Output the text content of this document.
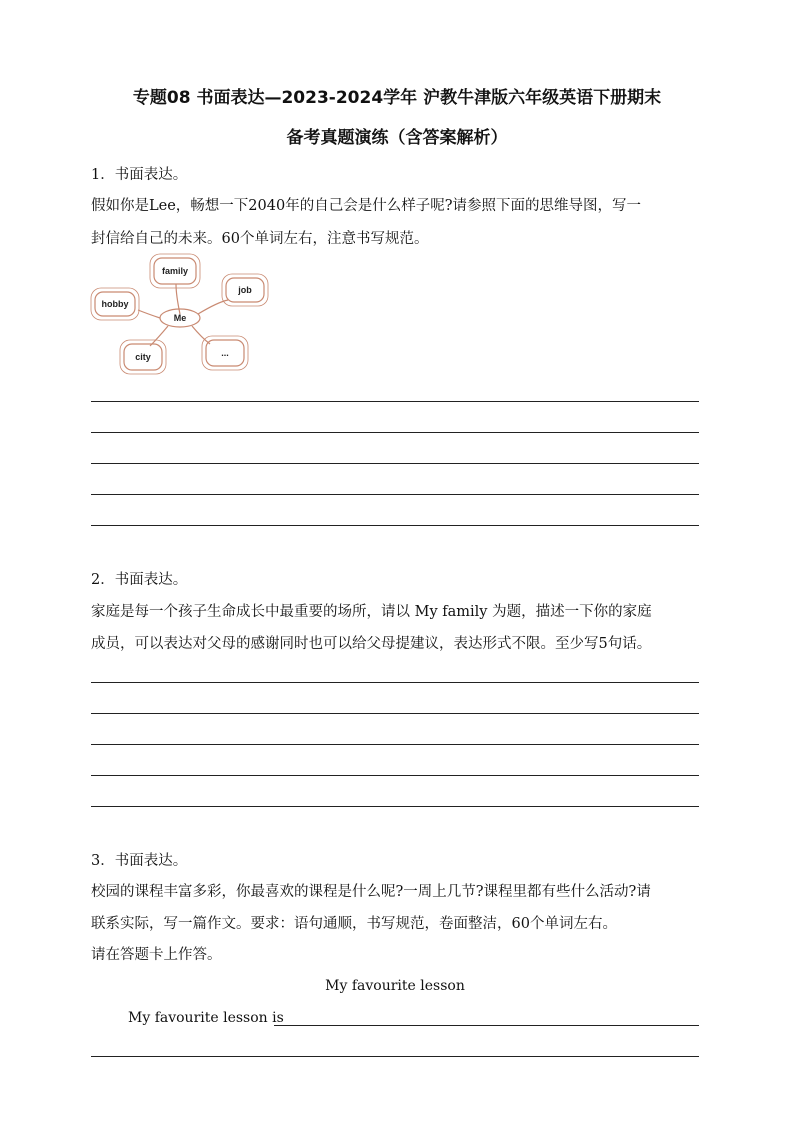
专题08 书面表达—2023-2024学年 沪教牛津版六年级英语下册期末
备考真题演练（含答案解析）
1．书面表达。
假如你是Lee，畅想一下2040年的自己会是什么样子呢?请参照下面的思维导图，写一
封信给自己的未来。60个单词左右，注意书写规范。
Me
family
job
hobby
city	...
2．书面表达。
家庭是每一个孩子生命成长中最重要的场所，请以 My family 为题，描述一下你的家庭
成员，可以表达对父母的感谢同时也可以给父母提建议，表达形式不限。至少写5句话。
3．书面表达。
校园的课程丰富多彩，你最喜欢的课程是什么呢?一周上几节?课程里都有些什么活动?请
联系实际，写一篇作文。要求：语句通顺，书写规范，卷面整洁，60个单词左右。
请在答题卡上作答。
My favourite lesson
My favourite lesson is
